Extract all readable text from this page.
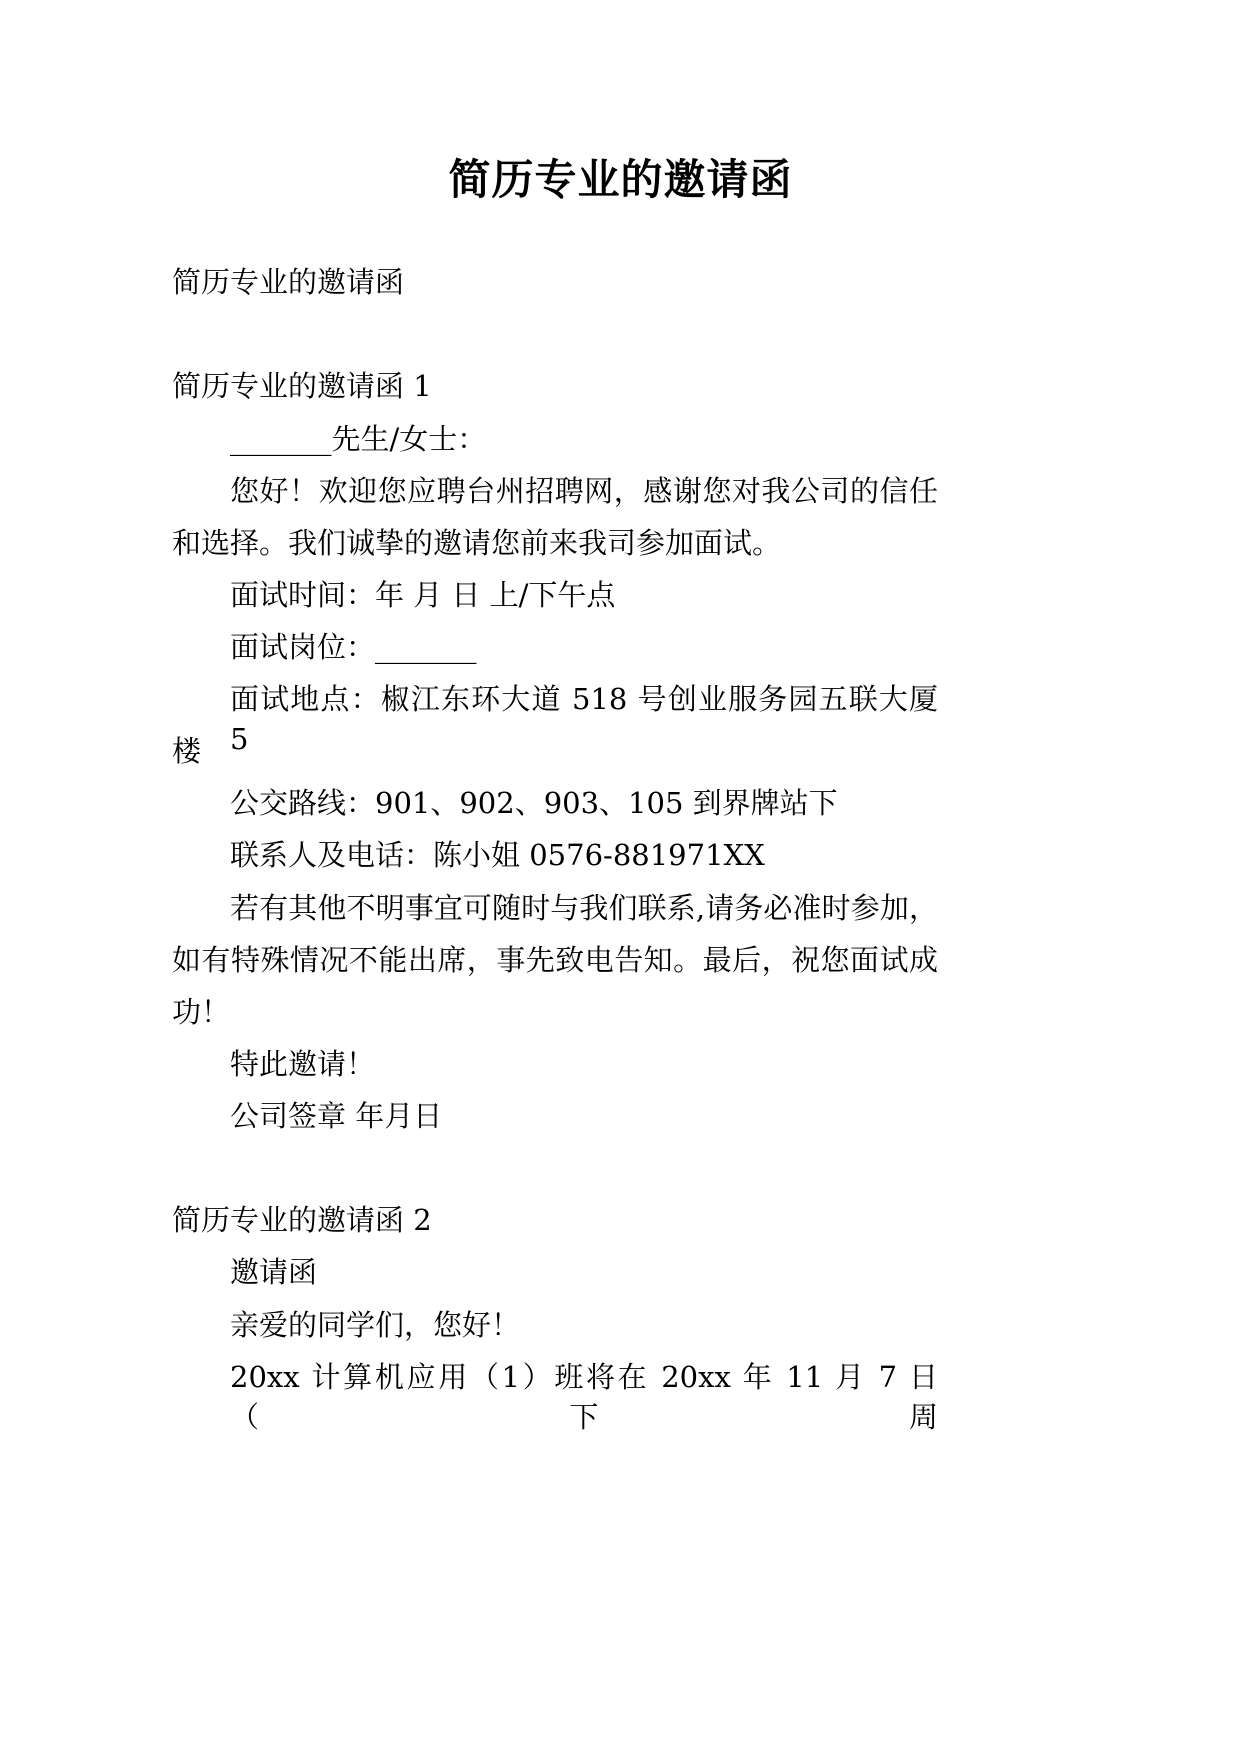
简历专业的邀请函
简历专业的邀请函
简历专业的邀请函 1
_______先生/女士：
您好！欢迎您应聘台州招聘网，感谢您对我公司的信任
和选择。我们诚挚的邀请您前来我司参加面试。
面试时间：年 月 日 上/下午点
面试岗位：_______
面试地点：椒江东环大道 518 号创业服务园五联大厦 5
楼
公交路线：901、902、903、105 到界牌站下
联系人及电话：陈小姐 0576-881971XX
若有其他不明事宜可随时与我们联系,请务必准时参加，
如有特殊情况不能出席，事先致电告知。最后，祝您面试成
功！
特此邀请！
公司签章 年月日
简历专业的邀请函 2
邀请函
亲爱的同学们，您好！
20xx 计算机应用（1）班将在 20xx 年 11 月 7 日（下周
